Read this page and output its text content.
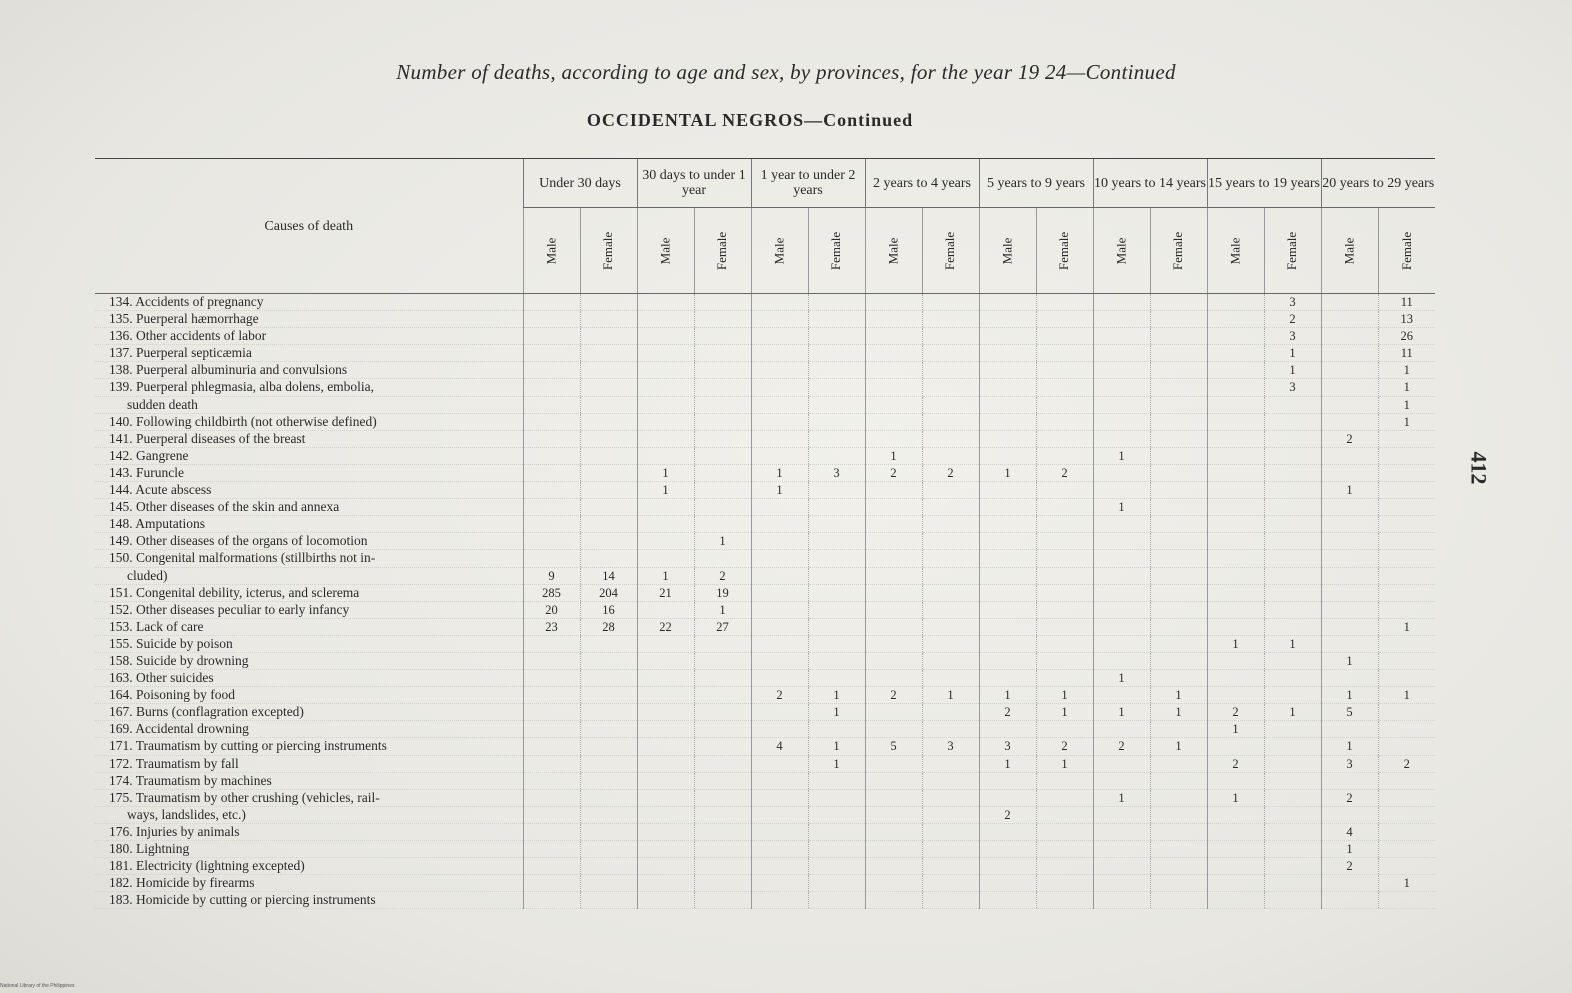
Number of deaths, according to age and sex, by provinces, for the year 19 24—Continued
OCCIDENTAL NEGROS—Continued
412
Causes of death	Under 30 days		30 days to under 1 year		1 year to under 2 years		2 years to 4 years		5 years to 9 years		10 years to 14 years		15 years to 19 years		20 years to 29 years	
	Male	Female	Male	Female	Male	Female	Male	Female	Male	Female	Male	Female	Male	Female	Male	Female
134. Accidents of pregnancy														3		11
135. Puerperal hæmorrhage														2		13
136. Other accidents of labor														3		26
137. Puerperal septicæmia														1		11
138. Puerperal albuminuria and convulsions														1		1
139. Puerperal phlegmasia, alba dolens, embolia,														3		1
sudden death																1
140. Following childbirth (not otherwise defined)																1
141. Puerperal diseases of the breast															2	
142. Gangrene							1				1					
143. Furuncle			1		1	3	2	2	1	2						
144. Acute abscess			1		1										1	
145. Other diseases of the skin and annexa											1					
148. Amputations																
149. Other diseases of the organs of locomotion				1												
150. Congenital malformations (stillbirths not in-																
cluded)	9	14	1	2												
151. Congenital debility, icterus, and sclerema	285	204	21	19												
152. Other diseases peculiar to early infancy	20	16		1												
153. Lack of care	23	28	22	27												1
155. Suicide by poison													1	1		
158. Suicide by drowning															1	
163. Other suicides											1					
164. Poisoning by food					2	1	2	1	1	1		1			1	1
167. Burns (conflagration excepted)						1			2	1	1	1	2	1	5	
169. Accidental drowning													1			
171. Traumatism by cutting or piercing instruments					4	1	5	3	3	2	2	1			1	
172. Traumatism by fall						1			1	1			2		3	2
174. Traumatism by machines																
175. Traumatism by other crushing (vehicles, rail-											1		1		2	
ways, landslides, etc.)									2							
176. Injuries by animals															4	
180. Lightning															1	
181. Electricity (lightning excepted)															2	
182. Homicide by firearms																1
183. Homicide by cutting or piercing instruments																
National Library of the Philippines
